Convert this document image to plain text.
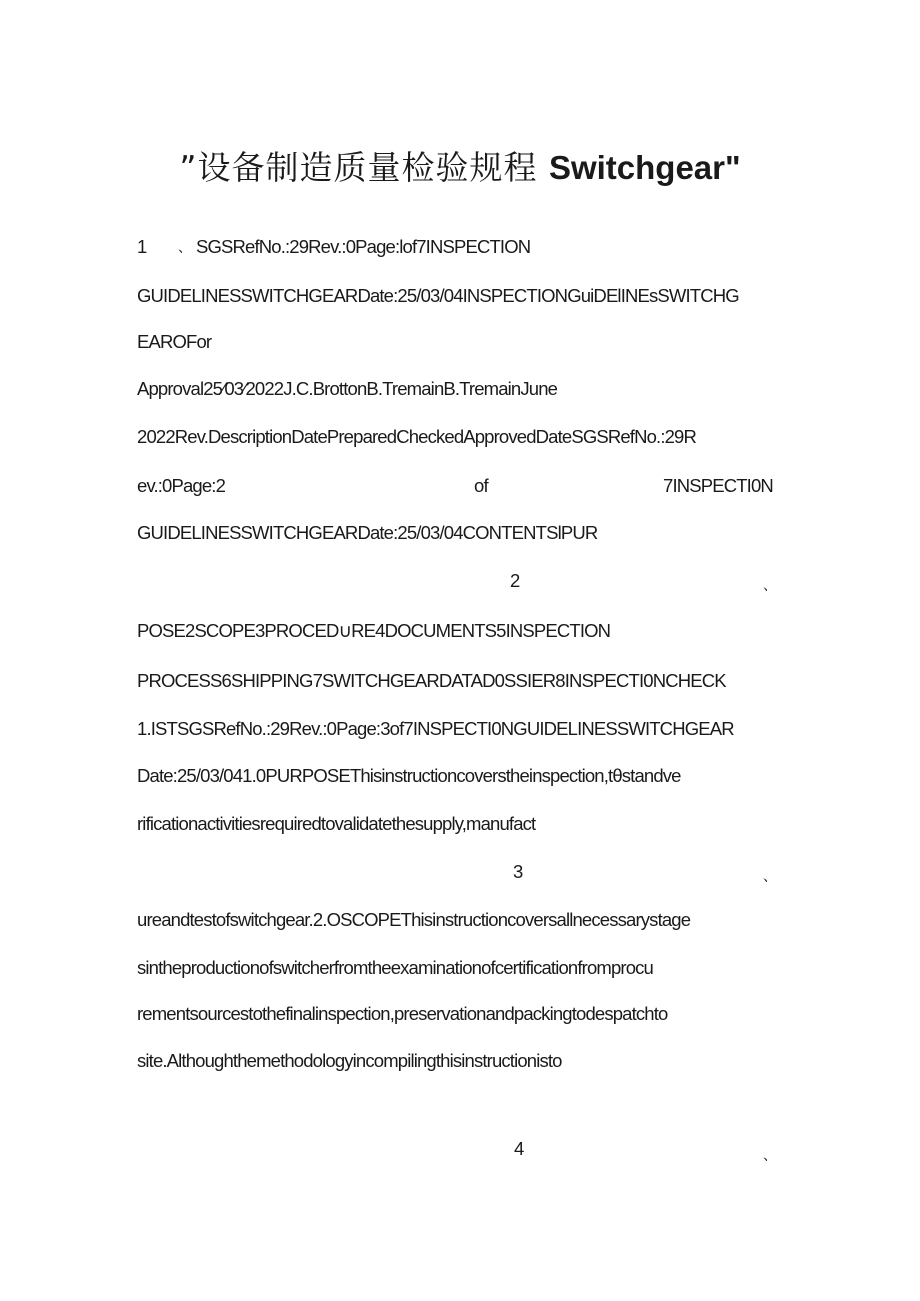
”设备制造质量检验规程 Switchgear"
1 、 SGSRefNo.:29Rev.:0Page:lof7INSPECTION
GUIDELINESSWITCHGEARDate:25/03/04INSPECTIONGuiDElINEsSWITCHG
EAROFor
Approval25∕03∕2022J.C.BrottonB.TremainB.TremainJune
2022Rev.DescriptionDatePreparedCheckedApprovedDateSGSRefNo.:29R
ev.:0Page:2	of	7INSPECTI0N
GUIDELINESSWITCHGEARDate:25/03/04CONTENTSlPUR
2	、
POSE2SCOPE3PROCED∪RE4DOCUMENTS5INSPECTION
PROCESS6SHIPPING7SWITCHGEARDATAD0SSIER8INSPECTI0NCHECK
1.ISTSGSRefNo.:29Rev.:0Page:3of7INSPECTI0NGUIDELINESSWITCHGEAR
Date:25/03/041.0PURPOSEThisinstructioncoverstheinspection,tθstandve
rificationactivitiesrequiredtovalidatethesupply,manufact
3	、
ureandtestofswitchgear.2.OSCOPEThisinstructioncoversallnecessarystage
sintheproductionofswitcherfromtheexaminationofcertificationfromprocu
rementsourcestothefinalinspection,preservationandpackingtodespatchto
site.Althoughthemethodologyincompilingthisinstructionisto
4	、
